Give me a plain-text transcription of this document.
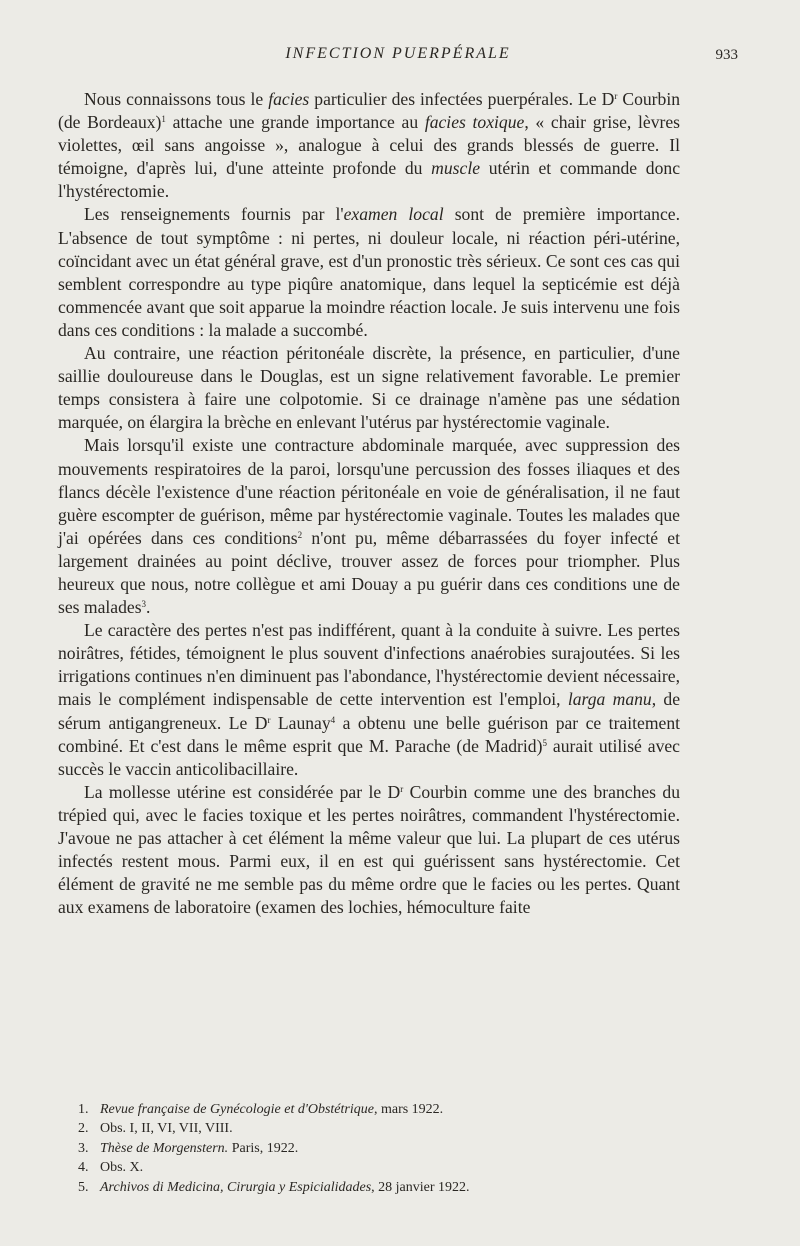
INFECTION PUERPÉRALE	933

Nous connaissons tous le facies particulier des infectées puerpérales. Le $D^r$ Courbin (de Bordeaux)$^1$ attache une grande importance au facies toxique, « chair grise, lèvres violettes, œil sans angoisse », analogue à celui des grands blessés de guerre. Il témoigne, d'après lui, d'une atteinte profonde du muscle utérin et commande donc l'hystérectomie.

Les renseignements fournis par l'examen local sont de première importance. L'absence de tout symptôme : ni pertes, ni douleur locale, ni réaction péri-utérine, coïncidant avec un état général grave, est d'un pronostic très sérieux. Ce sont ces cas qui semblent correspondre au type piqûre anatomique, dans lequel la septicémie est déjà commencée avant que soit apparue la moindre réaction locale. Je suis intervenu une fois dans ces conditions : la malade a succombé.

Au contraire, une réaction péritonéale discrète, la présence, en particulier, d'une saillie douloureuse dans le Douglas, est un signe relativement favorable. Le premier temps consistera à faire une colpotomie. Si ce drainage n'amène pas une sédation marquée, on élargira la brèche en enlevant l'utérus par hystérectomie vaginale.

Mais lorsqu'il existe une contracture abdominale marquée, avec suppression des mouvements respiratoires de la paroi, lorsqu'une percussion des fosses iliaques et des flancs décèle l'existence d'une réaction péritonéale en voie de généralisation, il ne faut guère escompter de guérison, même par hystérectomie vaginale. Toutes les malades que j'ai opérées dans ces conditions$^2$ n'ont pu, même débarrassées du foyer infecté et largement drainées au point déclive, trouver assez de forces pour triompher. Plus heureux que nous, notre collègue et ami Douay a pu guérir dans ces conditions une de ses malades$^3$.

Le caractère des pertes n'est pas indifférent, quant à la conduite à suivre. Les pertes noirâtres, fétides, témoignent le plus souvent d'infections anaérobies surajoutées. Si les irrigations continues n'en diminuent pas l'abondance, l'hystérectomie devient nécessaire, mais le complément indispensable de cette intervention est l'emploi, larga manu, de sérum antigangreneux. Le $D^r$ Launay$^4$ a obtenu une belle guérison par ce traitement combiné. Et c'est dans le même esprit que M. Parache (de Madrid)$^5$ aurait utilisé avec succès le vaccin anticolibacillaire.

La mollesse utérine est considérée par le $D^r$ Courbin comme une des branches du trépied qui, avec le facies toxique et les pertes noirâtres, commandent l'hystérectomie. J'avoue ne pas attacher à cet élément la même valeur que lui. La plupart de ces utérus infectés restent mous. Parmi eux, il en est qui guérissent sans hystérectomie. Cet élément de gravité ne me semble pas du même ordre que le facies ou les pertes. Quant aux examens de laboratoire (examen des lochies, hémoculture faite

1. Revue française de Gynécologie et d'Obstétrique, mars 1922.
2. Obs. I, II, VI, VII, VIII.
3. Thèse de Morgenstern. Paris, 1922.
4. Obs. X.
5. Archivos di Medicina, Cirurgia y Espicialidades, 28 janvier 1922.
